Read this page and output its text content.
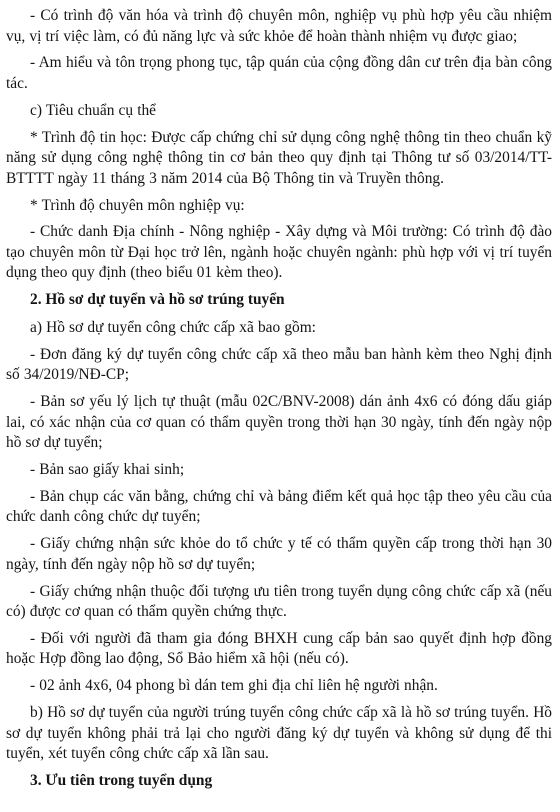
- Có trình độ văn hóa và trình độ chuyên môn, nghiệp vụ phù hợp yêu cầu nhiệm vụ, vị trí việc làm, có đủ năng lực và sức khỏe để hoàn thành nhiệm vụ được giao;

- Am hiểu và tôn trọng phong tục, tập quán của cộng đồng dân cư trên địa bàn công tác.

c) Tiêu chuẩn cụ thể

* Trình độ tin học: Được cấp chứng chỉ sử dụng công nghệ thông tin theo chuẩn kỹ năng sử dụng công nghệ thông tin cơ bản theo quy định tại Thông tư số 03/2014/TT-BTTTT ngày 11 tháng 3 năm 2014 của Bộ Thông tin và Truyền thông.

* Trình độ chuyên môn nghiệp vụ:

- Chức danh Địa chính - Nông nghiệp - Xây dựng và Môi trường: Có trình độ đào tạo chuyên môn từ Đại học trở lên, ngành hoặc chuyên ngành: phù hợp với vị trí tuyển dụng theo quy định (theo biểu 01 kèm theo).

2. Hồ sơ dự tuyển và hồ sơ trúng tuyển

a) Hồ sơ dự tuyển công chức cấp xã bao gồm:

- Đơn đăng ký dự tuyển công chức cấp xã theo mẫu ban hành kèm theo Nghị định số 34/2019/NĐ-CP;

- Bản sơ yếu lý lịch tự thuật (mẫu 02C/BNV-2008) dán ảnh 4x6 có đóng dấu giáp lai, có xác nhận của cơ quan có thẩm quyền trong thời hạn 30 ngày, tính đến ngày nộp hồ sơ dự tuyển;

- Bản sao giấy khai sinh;

- Bản chụp các văn bằng, chứng chỉ và bảng điểm kết quả học tập theo yêu cầu của chức danh công chức dự tuyển;

- Giấy chứng nhận sức khỏe do tổ chức y tế có thẩm quyền cấp trong thời hạn 30 ngày, tính đến ngày nộp hồ sơ dự tuyển;

- Giấy chứng nhận thuộc đối tượng ưu tiên trong tuyển dụng công chức cấp xã (nếu có) được cơ quan có thẩm quyền chứng thực.

- Đối với người đã tham gia đóng BHXH cung cấp bản sao quyết định hợp đồng hoặc Hợp đồng lao động, Sổ Bảo hiểm xã hội (nếu có).

- 02 ảnh 4x6, 04 phong bì dán tem ghi địa chỉ liên hệ người nhận.

b) Hồ sơ dự tuyển của người trúng tuyển công chức cấp xã là hồ sơ trúng tuyển. Hồ sơ dự tuyển không phải trả lại cho người đăng ký dự tuyển và không sử dụng để thi tuyển, xét tuyển công chức cấp xã lần sau.

3. Ưu tiên trong tuyển dụng
